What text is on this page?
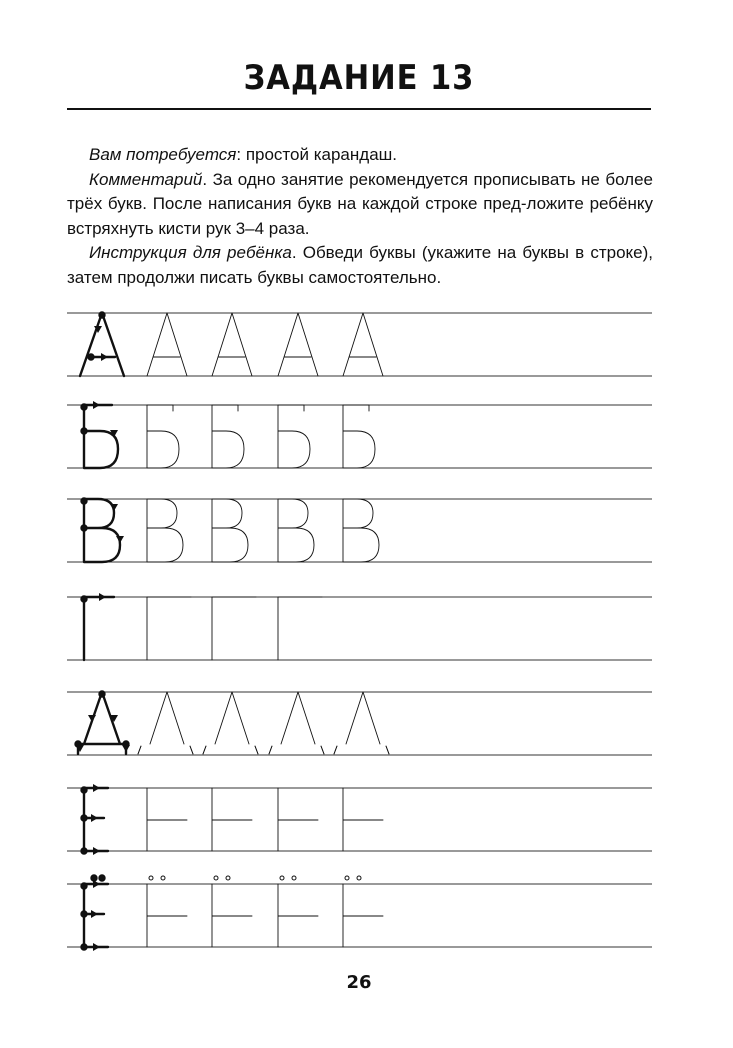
ЗАДАНИЕ 13

Вам потребуется: простой карандаш.

Комментарий. За одно занятие рекомендуется прописывать не более трёх букв. После написания букв на каждой строке пред-ложите ребёнку встряхнуть кисти рук 3–4 раза.

Инструкция для ребёнка. Обведи буквы (укажите на буквы в строке), затем продолжи писать буквы самостоятельно.

26
